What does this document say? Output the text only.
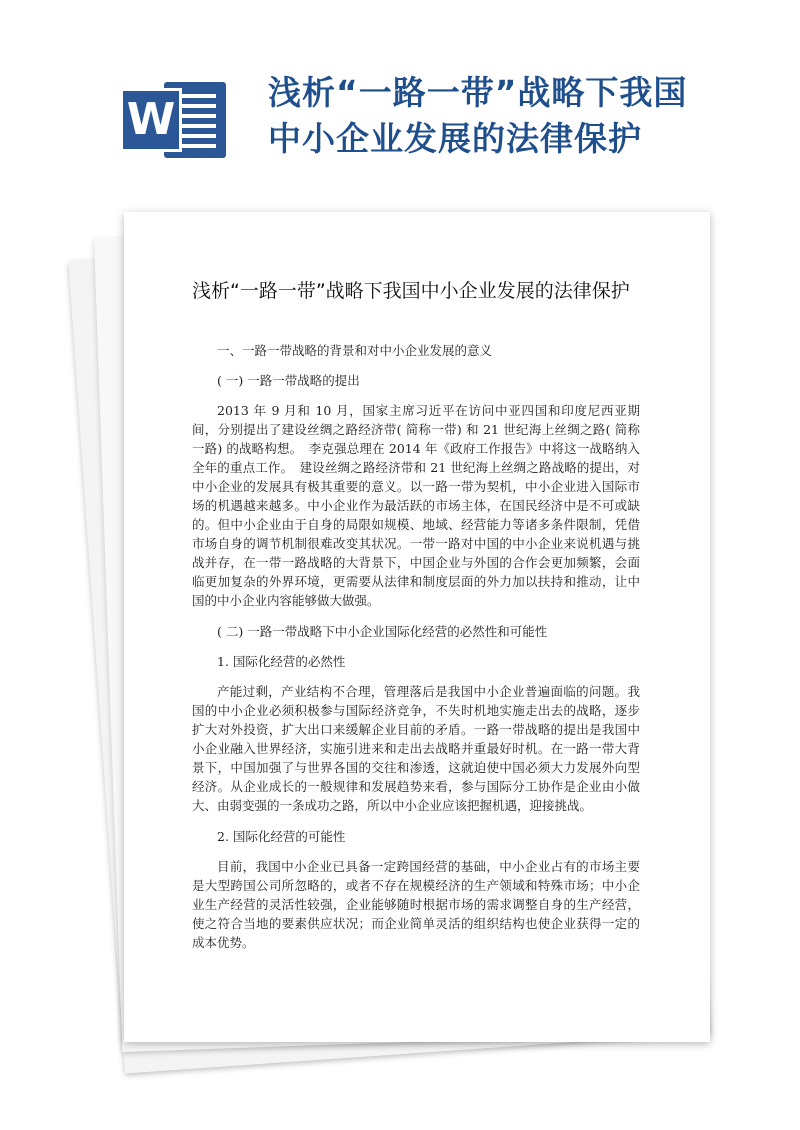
W
浅析“一路一带”战略下我国
中小企业发展的法律保护
浅析“一路一带”战略下我国中小企业发展的法律保护

一、一路一带战略的背景和对中小企业发展的意义

( 一) 一路一带战略的提出

2013 年 9 月和 10 月，国家主席习近平在访问中亚四国和印度尼西亚期间，分别提出了建设丝绸之路经济带( 简称一带) 和 21 世纪海上丝绸之路( 简称一路) 的战略构想。　李克强总理在 2014 年《政府工作报告》中将这一战略纳入全年的重点工作。　建设丝绸之路经济带和 21 世纪海上丝绸之路战略的提出，对中小企业的发展具有极其重要的意义。以一路一带为契机，中小企业进入国际市场的机遇越来越多。中小企业作为最活跃的市场主体，在国民经济中是不可或缺的。但中小企业由于自身的局限如规模、地域、经营能力等诸多条件限制，凭借市场自身的调节机制很难改变其状况。一带一路对中国的中小企业来说机遇与挑战并存，在一带一路战略的大背景下，中国企业与外国的合作会更加频繁，会面临更加复杂的外界环境，更需要从法律和制度层面的外力加以扶持和推动，让中国的中小企业内容能够做大做强。

( 二) 一路一带战略下中小企业国际化经营的必然性和可能性

1. 国际化经营的必然性

产能过剩，产业结构不合理，管理落后是我国中小企业普遍面临的问题。我国的中小企业必须积极参与国际经济竞争，不失时机地实施走出去的战略，逐步扩大对外投资，扩大出口来缓解企业目前的矛盾。一路一带战略的提出是我国中小企业融入世界经济，实施引进来和走出去战略并重最好时机。在一路一带大背景下，中国加强了与世界各国的交往和渗透，这就迫使中国必须大力发展外向型经济。从企业成长的一般规律和发展趋势来看，参与国际分工协作是企业由小做大、由弱变强的一条成功之路，所以中小企业应该把握机遇，迎接挑战。

2. 国际化经营的可能性

目前，我国中小企业已具备一定跨国经营的基础，中小企业占有的市场主要是大型跨国公司所忽略的，或者不存在规模经济的生产领域和特殊市场；中小企业生产经营的灵活性较强，企业能够随时根据市场的需求调整自身的生产经营，使之符合当地的要素供应状况；而企业简单灵活的组织结构也使企业获得一定的成本优势。
